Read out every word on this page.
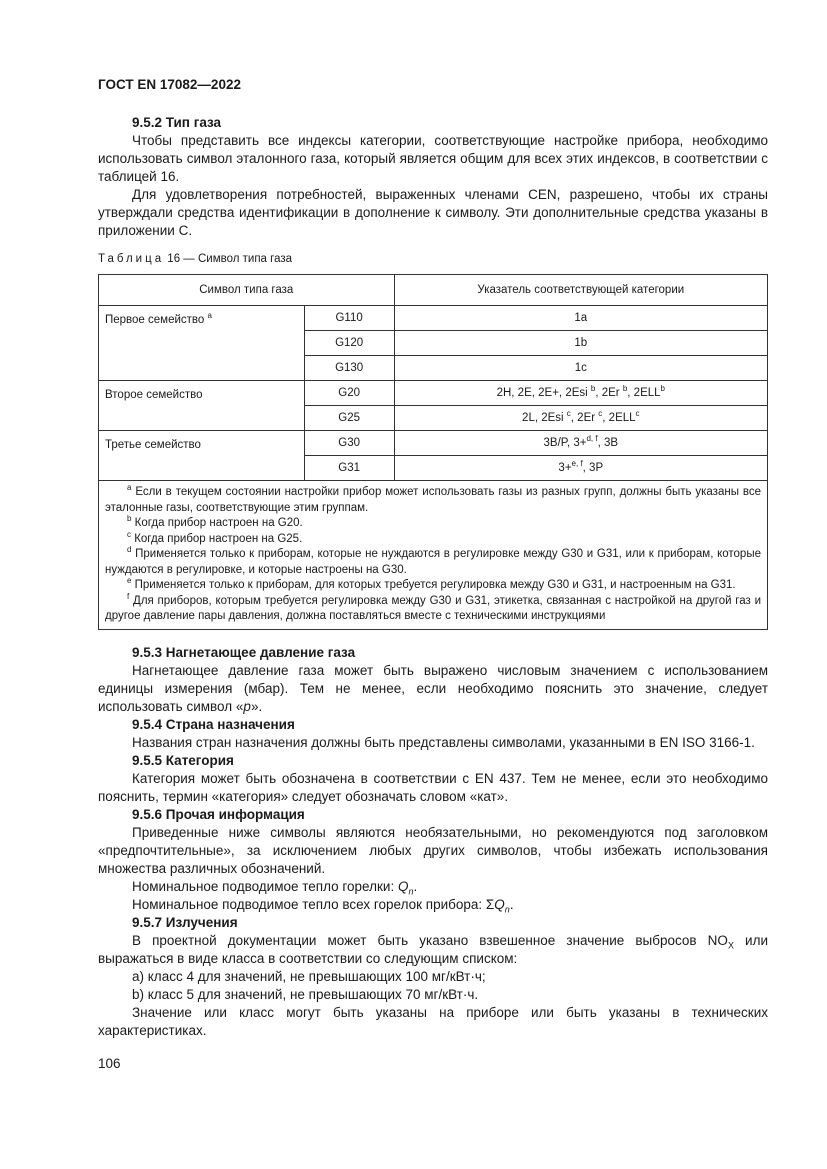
ГОСТ EN 17082—2022
9.5.2 Тип газа

Чтобы представить все индексы категории, соответствующие настройке прибора, необходимо использовать символ эталонного газа, который является общим для всех этих индексов, в соответствии с таблицей 16.

Для удовлетворения потребностей, выраженных членами CEN, разрешено, чтобы их страны утверждали средства идентификации в дополнение к символу. Эти дополнительные средства указаны в приложении С.

Таблица 16 — Символ типа газа
Символ типа газа		Указатель соответствующей категории
Первое семейство $^a$	G110	1a
	G120	1b
	G130	1c
Второе семейство	G20	2H, 2E, 2E+, 2Esi $^b$, 2Er $^b$, 2ELL$^b$
	G25	2L, 2Esi $^c$, 2Er $^c$, 2ELL$^c$
Третье семейство	G30	3B/P, 3+$^{d, f}$, 3B
	G31	3+$^{e, f}$, 3P
$^a$ Если в текущем состоянии настройки прибор может использовать газы из разных групп, должны быть указаны все эталонные газы, соответствующие этим группам.
$^b$ Когда прибор настроен на G20.
$^c$ Когда прибор настроен на G25.
$^d$ Применяется только к приборам, которые не нуждаются в регулировке между G30 и G31, или к приборам, которые нуждаются в регулировке, и которые настроены на G30.
$^e$ Применяется только к приборам, для которых требуется регулировка между G30 и G31, и настроенным на G31.
$^f$ Для приборов, которым требуется регулировка между G30 и G31, этикетка, связанная с настройкой на другой газ и другое давление пары давления, должна поставляться вместе с техническими инструкциями
9.5.3 Нагнетающее давление газа

Нагнетающее давление газа может быть выражено числовым значением с использованием единицы измерения (мбар). Тем не менее, если необходимо пояснить это значение, следует использовать символ «p».

9.5.4 Страна назначения

Названия стран назначения должны быть представлены символами, указанными в EN ISO 3166-1.

9.5.5 Категория

Категория может быть обозначена в соответствии с EN 437. Тем не менее, если это необходимо пояснить, термин «категория» следует обозначать словом «кат».

9.5.6 Прочая информация

Приведенные ниже символы являются необязательными, но рекомендуются под заголовком «предпочтительные», за исключением любых других символов, чтобы избежать использования множества различных обозначений.

Номинальное подводимое тепло горелки: $Q_n$.
Номинальное подводимое тепло всех горелок прибора: $\Sigma Q_n$.
9.5.7 Излучения

В проектной документации может быть указано взвешенное значение выбросов $NO_X$ или выражаться в виде класса в соответствии со следующим списком:

a) класс 4 для значений, не превышающих 100 мг/кВт·ч;
b) класс 5 для значений, не превышающих 70 мг/кВт·ч.

Значение или класс могут быть указаны на приборе или быть указаны в технических характеристиках.

106
